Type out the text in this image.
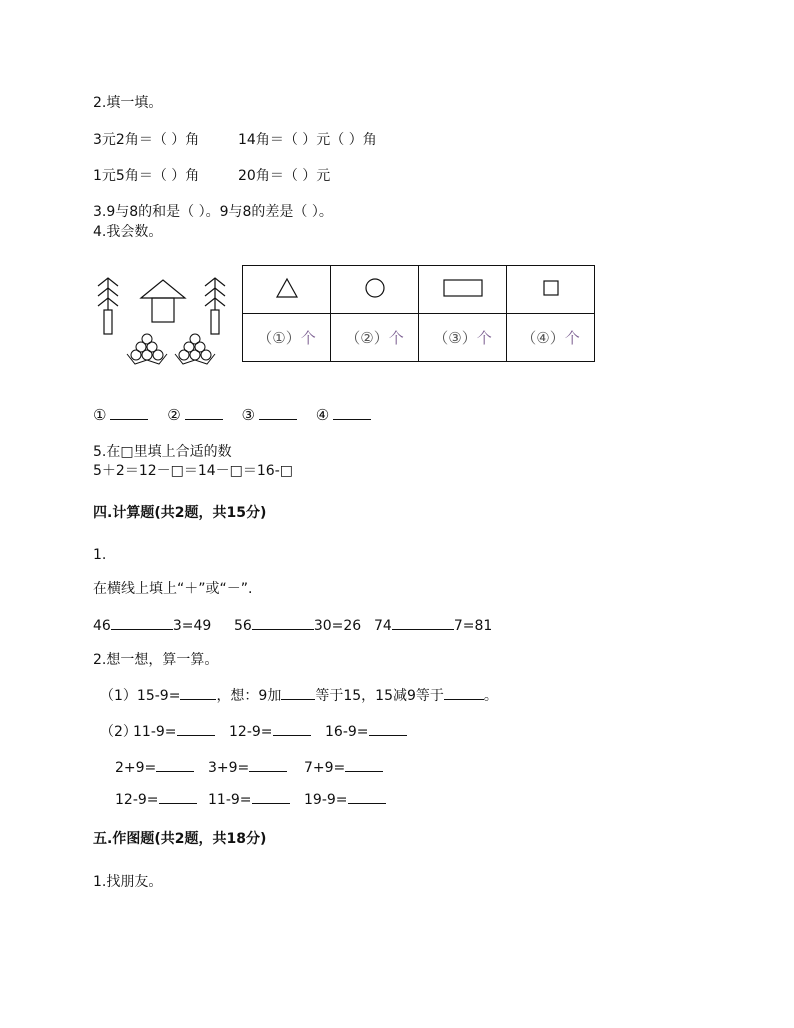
2.填一填。
3元2角＝（ ）角	14角＝（ ）元（ ）角
1元5角＝（ ）角	20角＝（ ）元
3.9与8的和是（ ）。9与8的差是（ ）。
4.我会数。

（①）个	（②）个	（③）个	（④）个
①	②	③	④
5.在□里填上合适的数
5＋2＝12－□＝14－□＝16-□
四.计算题(共2题，共15分)
1.
在横线上填上“＋”或“－”.
46	3=49 56	30=26 74	7=81
2.想一想，算一算。
（1）15-9=	，想：9加 等于15，15减9等于	。
（2）
11-9=	12-9=	16-9=
2+9=	3+9=	7+9=
12-9=	11-9=	19-9=
五.作图题(共2题，共18分)
1.找朋友。
